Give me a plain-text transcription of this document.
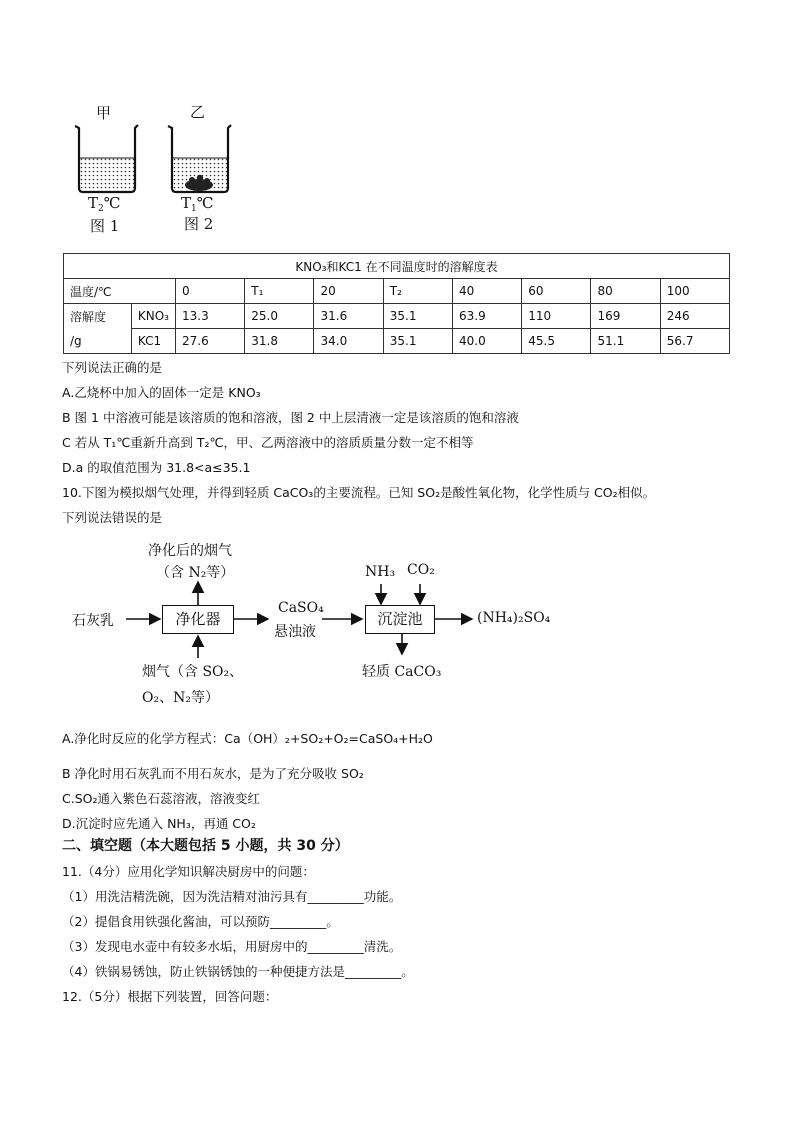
甲
$T_2℃$
图 1
乙
$T_1℃$
图 2
KNO₃和KC1 在不同温度时的溶解度表									
温度/℃		0	T₁	20	T₂	40	60	80	100
溶解度	KNO₃	13.3	25.0	31.6	35.1	63.9	110	169	246
/g	KC1	27.6	31.8	34.0	35.1	40.0	45.5	51.1	56.7
下列说法正确的是
A.乙烧杯中加入的固体一定是 KNO₃
B 图 1 中溶液可能是该溶质的饱和溶液，图 2 中上层清液一定是该溶质的饱和溶液
C 若从 T₁℃重新升高到 T₂℃，甲、乙两溶液中的溶质质量分数一定不相等
D.a 的取值范围为 31.8<a≤35.1
10.下图为模拟烟气处理，并得到轻质 CaCO₃的主要流程。已知 SO₂是酸性氧化物，化学性质与 CO₂相似。
下列说法错误的是
净化后的烟气
（含 N₂等）
石灰乳	净化器
CaSO₄
悬浊液
NH₃ CO₂
沉淀池	(NH₄)₂SO₄
烟气（含 SO₂、
O₂、N₂等）
轻质 CaCO₃
A.净化时反应的化学方程式：Ca（OH）₂+SO₂+O₂=CaSO₄+H₂O
B 净化时用石灰乳而不用石灰水，是为了充分吸收 SO₂
C.SO₂通入紫色石蕊溶液，溶液变红
D.沉淀时应先通入 NH₃，再通 CO₂
二、填空题（本大题包括 5 小题，共 30 分）
11.（4分）应用化学知识解决厨房中的问题：
（1）用洗洁精洗碗，因为洗洁精对油污具有_________功能。
（2）提倡食用铁强化酱油，可以预防_________。
（3）发现电水壶中有较多水垢，用厨房中的_________清洗。
（4）铁锅易锈蚀，防止铁锅锈蚀的一种便捷方法是_________。
12.（5分）根据下列装置，回答问题：
